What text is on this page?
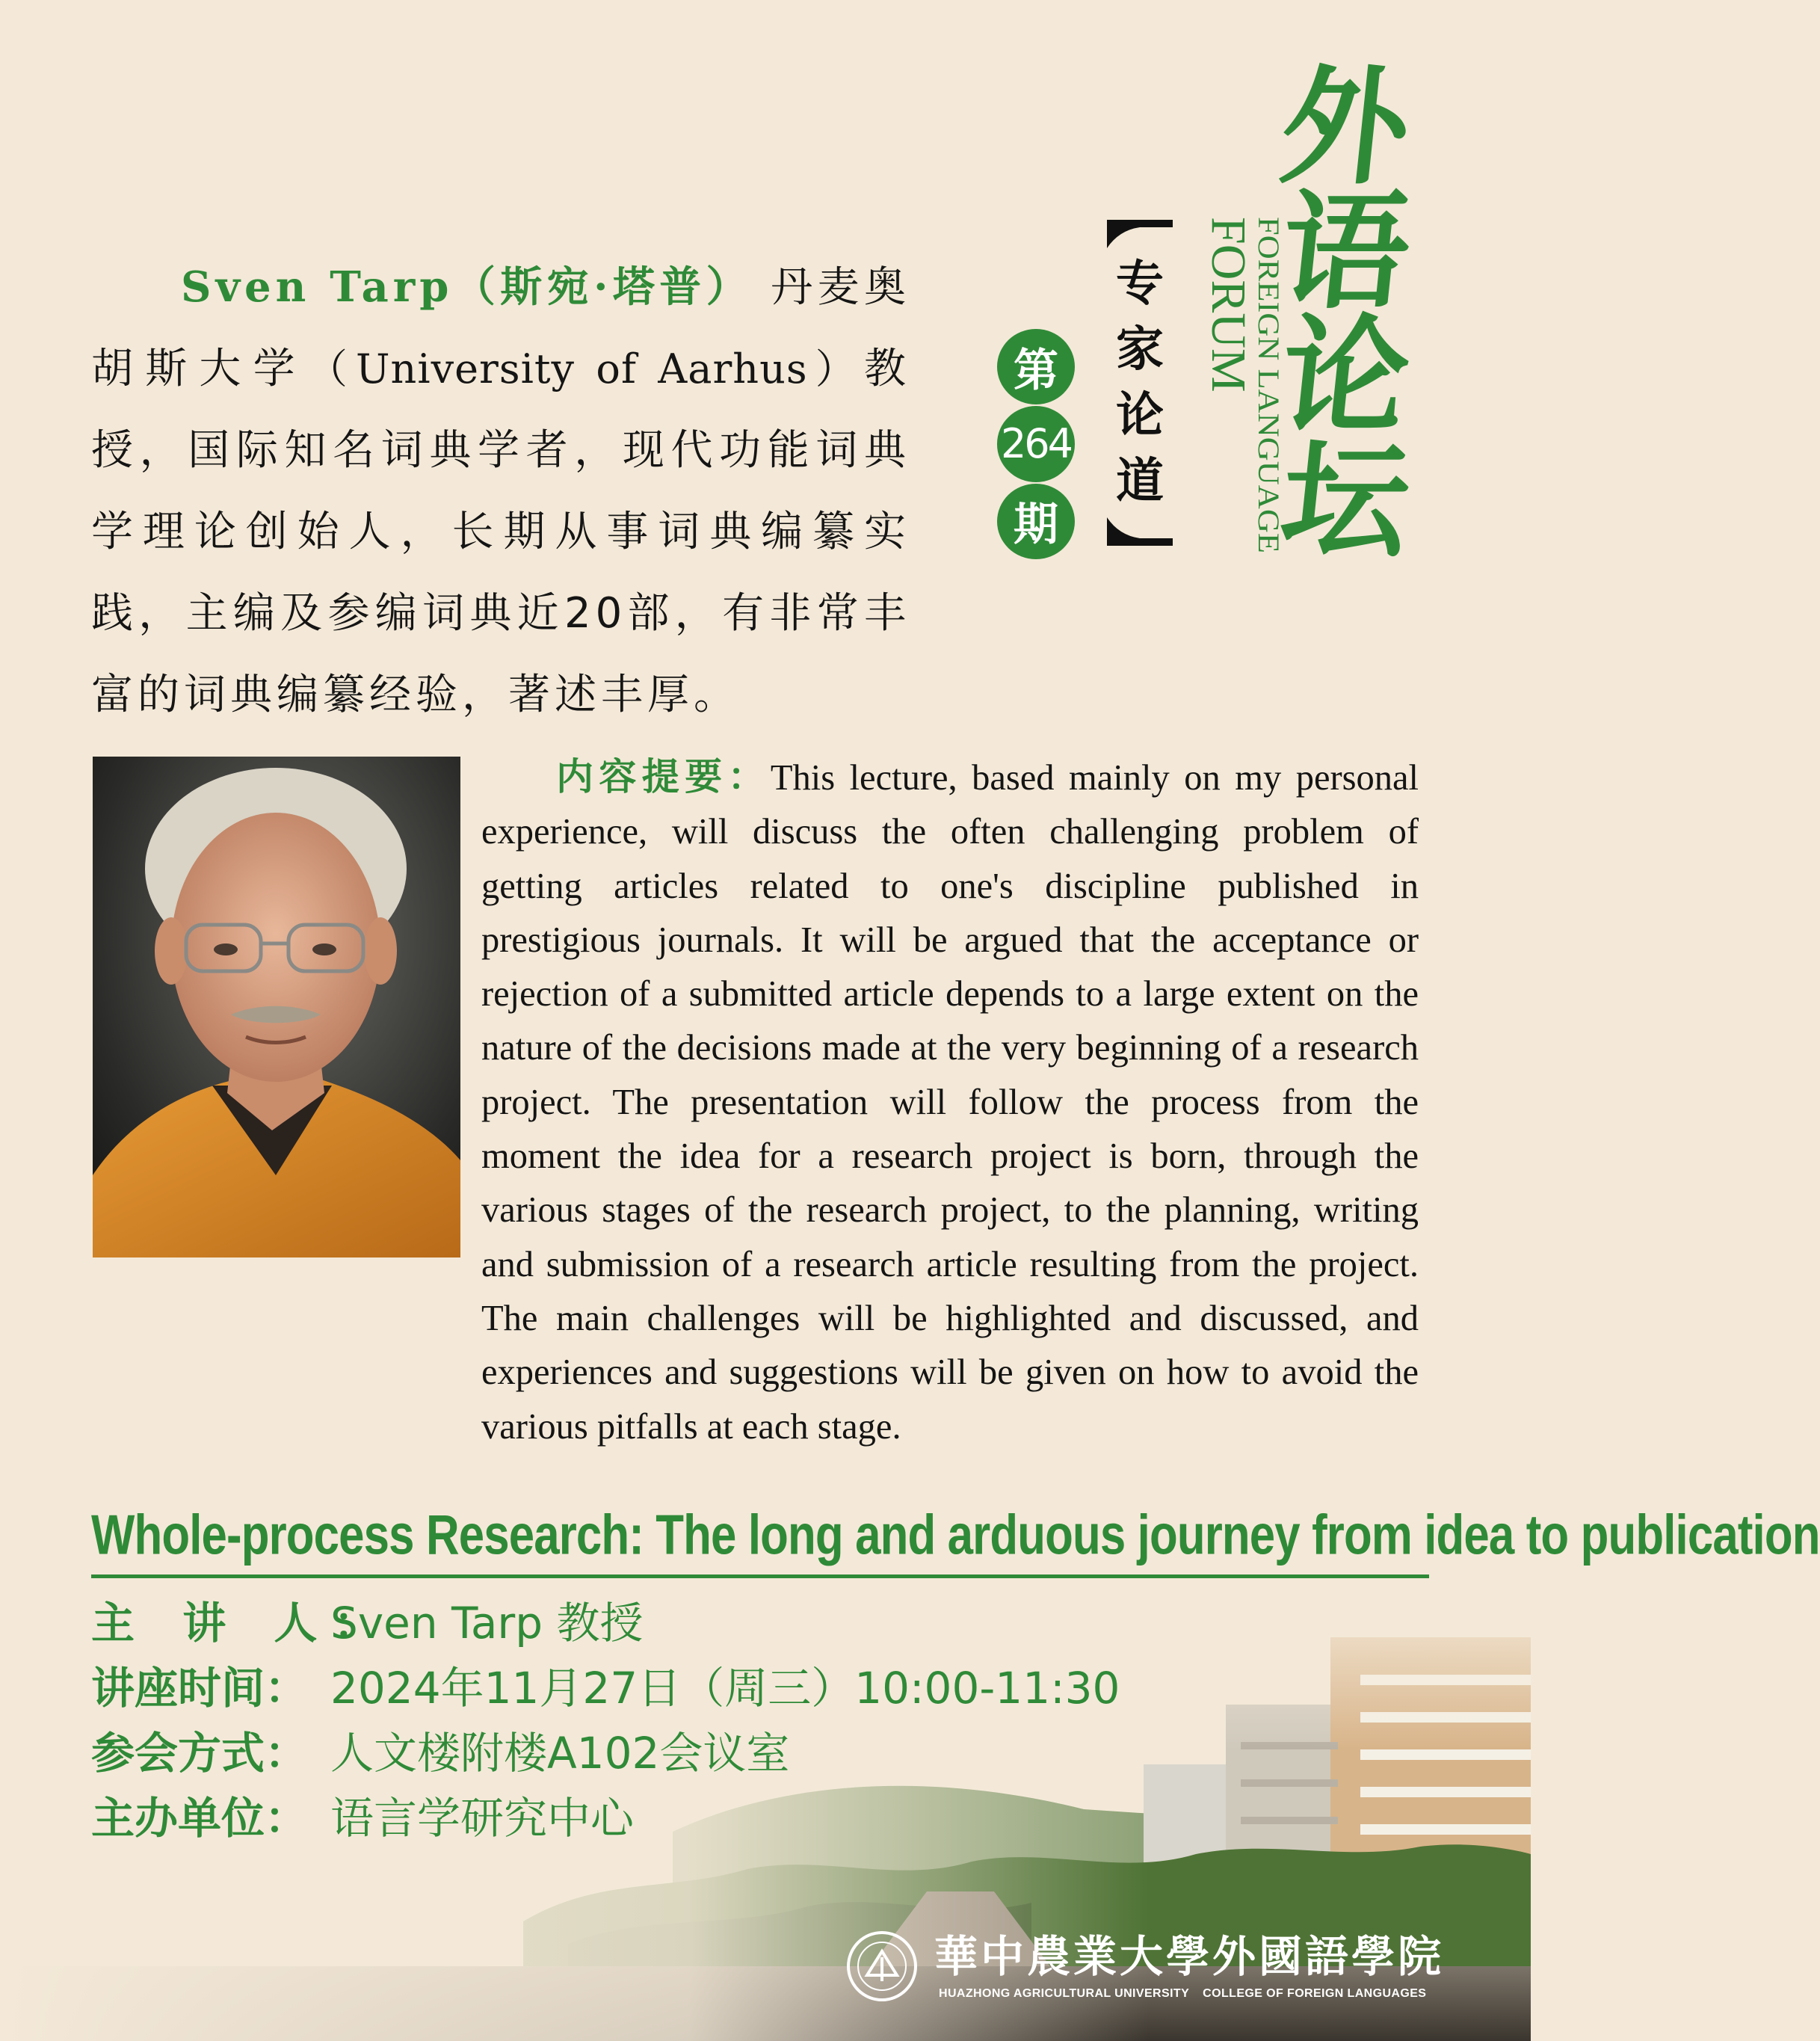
外
语
论
坛
FORUM
FOREIGN LANGUAGE
专
家
论
道
第
264
期
Sven Tarp（斯宛·塔普） 丹麦奥胡斯大学（University of Aarhus）教授，国际知名词典学者，现代功能词典学理论创始人，长期从事词典编纂实践，主编及参编词典近20部，有非常丰富的词典编纂经验，著述丰厚。
内容提要：This lecture, based mainly on my personal experience, will discuss the often challenging problem of getting articles related to one's discipline published in prestigious journals. It will be argued that the acceptance or rejection of a submitted article depends to a large extent on the nature of the decisions made at the very beginning of a research project. The presentation will follow the process from the moment the idea for a research project is born, through the various stages of the research project, to the planning, writing and submission of a research article resulting from the project. The main challenges will be highlighted and discussed, and experiences and suggestions will be given on how to avoid the various pitfalls at each stage.
Whole-process Research: The long and arduous journey from idea to publication
主 讲 人：
Sven Tarp 教授
讲座时间： 2024年11月27日（周三）10:00-11:30
参会方式： 人文楼附楼A102会议室
主办单位： 语言学研究中心
華中農業大學外國語學院
HUAZHONG AGRICULTURAL UNIVERSITY COLLEGE OF FOREIGN LANGUAGES
